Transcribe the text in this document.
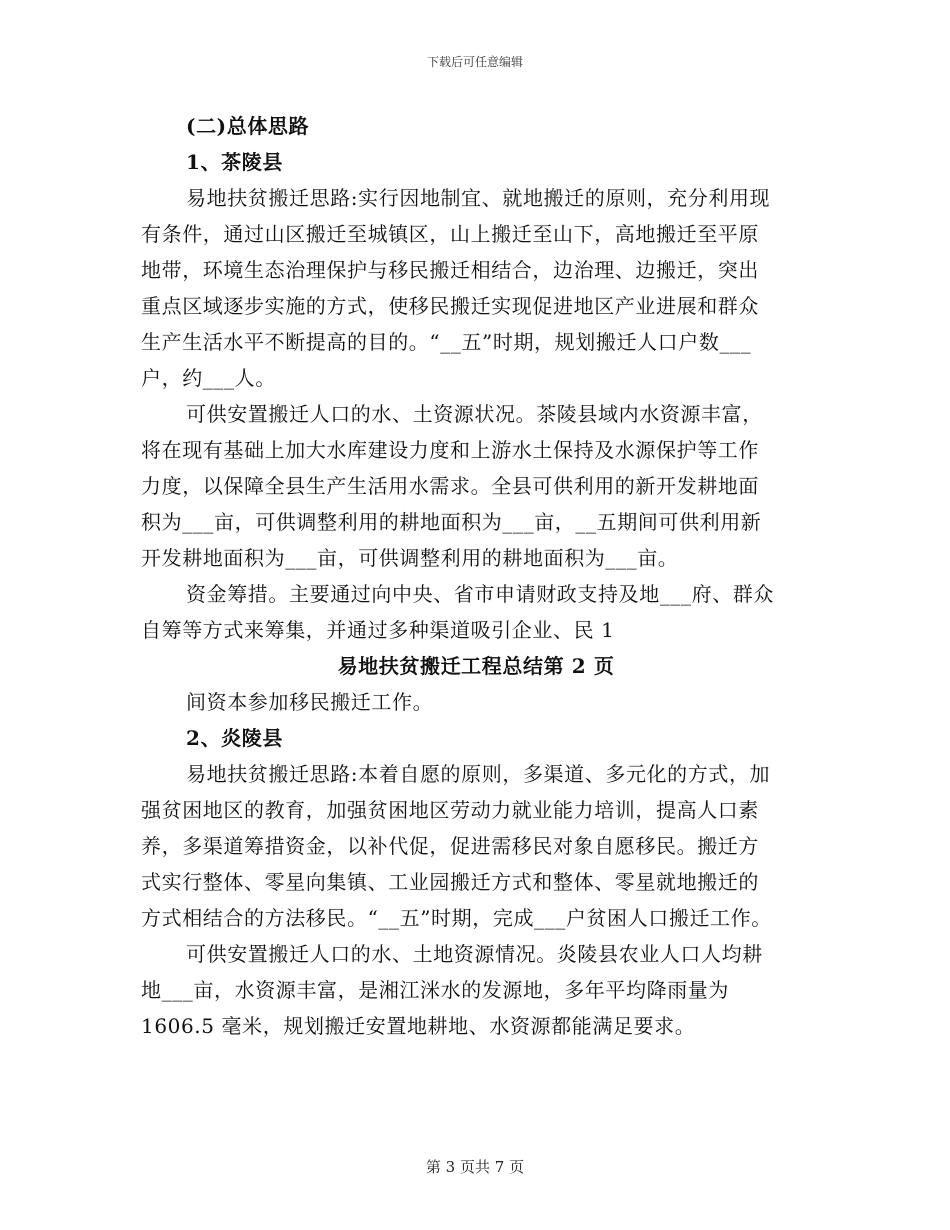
下载后可任意编辑
(二)总体思路
1、茶陵县
易地扶贫搬迁思路:实行因地制宜、就地搬迁的原则，充分利用现
有条件，通过山区搬迁至城镇区，山上搬迁至山下，高地搬迁至平原
地带，环境生态治理保护与移民搬迁相结合，边治理、边搬迁，突出
重点区域逐步实施的方式，使移民搬迁实现促进地区产业进展和群众
生产生活水平不断提高的目的。“__五”时期，规划搬迁人口户数___
户，约___人。
可供安置搬迁人口的水、土资源状况。茶陵县域内水资源丰富，
将在现有基础上加大水库建设力度和上游水土保持及水源保护等工作
力度，以保障全县生产生活用水需求。全县可供利用的新开发耕地面
积为___亩，可供调整利用的耕地面积为___亩，__五期间可供利用新
开发耕地面积为___亩，可供调整利用的耕地面积为___亩。
资金筹措。主要通过向中央、省市申请财政支持及地___府、群众
自筹等方式来筹集，并通过多种渠道吸引企业、民 1
易地扶贫搬迁工程总结第 2 页
间资本参加移民搬迁工作。
2、炎陵县
易地扶贫搬迁思路:本着自愿的原则，多渠道、多元化的方式，加
强贫困地区的教育，加强贫困地区劳动力就业能力培训，提高人口素
养，多渠道筹措资金，以补代促，促进需移民对象自愿移民。搬迁方
式实行整体、零星向集镇、工业园搬迁方式和整体、零星就地搬迁的
方式相结合的方法移民。“__五”时期，完成___户贫困人口搬迁工作。
可供安置搬迁人口的水、土地资源情况。炎陵县农业人口人均耕
地___亩，水资源丰富，是湘江洣水的发源地，多年平均降雨量为
1606.5 毫米，规划搬迁安置地耕地、水资源都能满足要求。
第 3 页共 7 页
